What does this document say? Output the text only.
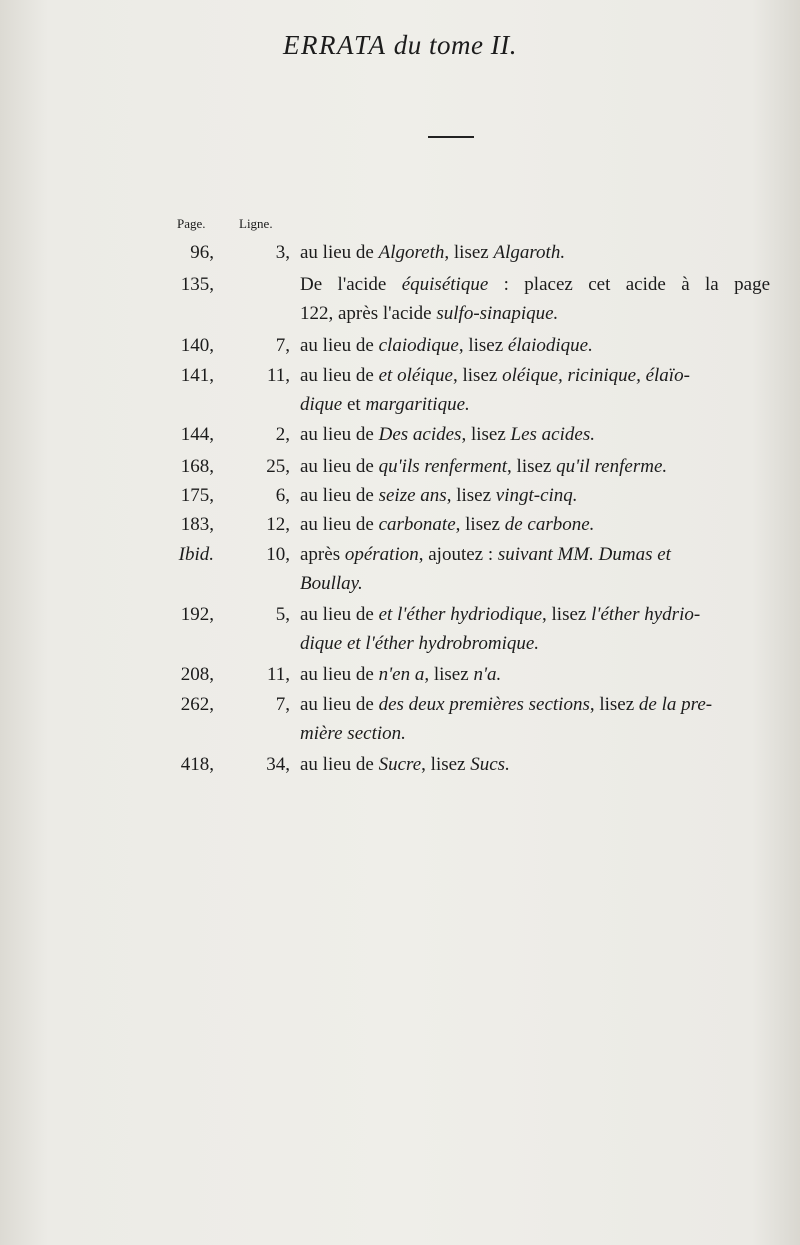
ERRATA du tome II.
Page.	Ligne.
96,	3, au lieu de Algoreth, lisez Algaroth.
135,	De l'acide équisétique : placez cet acide à la page
122, après l'acide sulfo-sinapique.
140,	7, au lieu de claiodique, lisez élaiodique.
141,	11, au lieu de et oléique, lisez oléique, ricinique, élaïo-
dique et margaritique.
144,	2, au lieu de Des acides, lisez Les acides.
168,	25, au lieu de qu'ils renferment, lisez qu'il renferme.
175,	6, au lieu de seize ans, lisez vingt-cinq.
183,	12, au lieu de carbonate, lisez de carbone.
Ibid.	10, après opération, ajoutez : suivant MM. Dumas et
Boullay.
192,	5, au lieu de et l'éther hydriodique, lisez l'éther hydrio-
dique et l'éther hydrobromique.
208,	11, au lieu de n'en a, lisez n'a.
262,	7, au lieu de des deux premières sections, lisez de la pre-
mière section.
418,	34, au lieu de Sucre, lisez Sucs.
